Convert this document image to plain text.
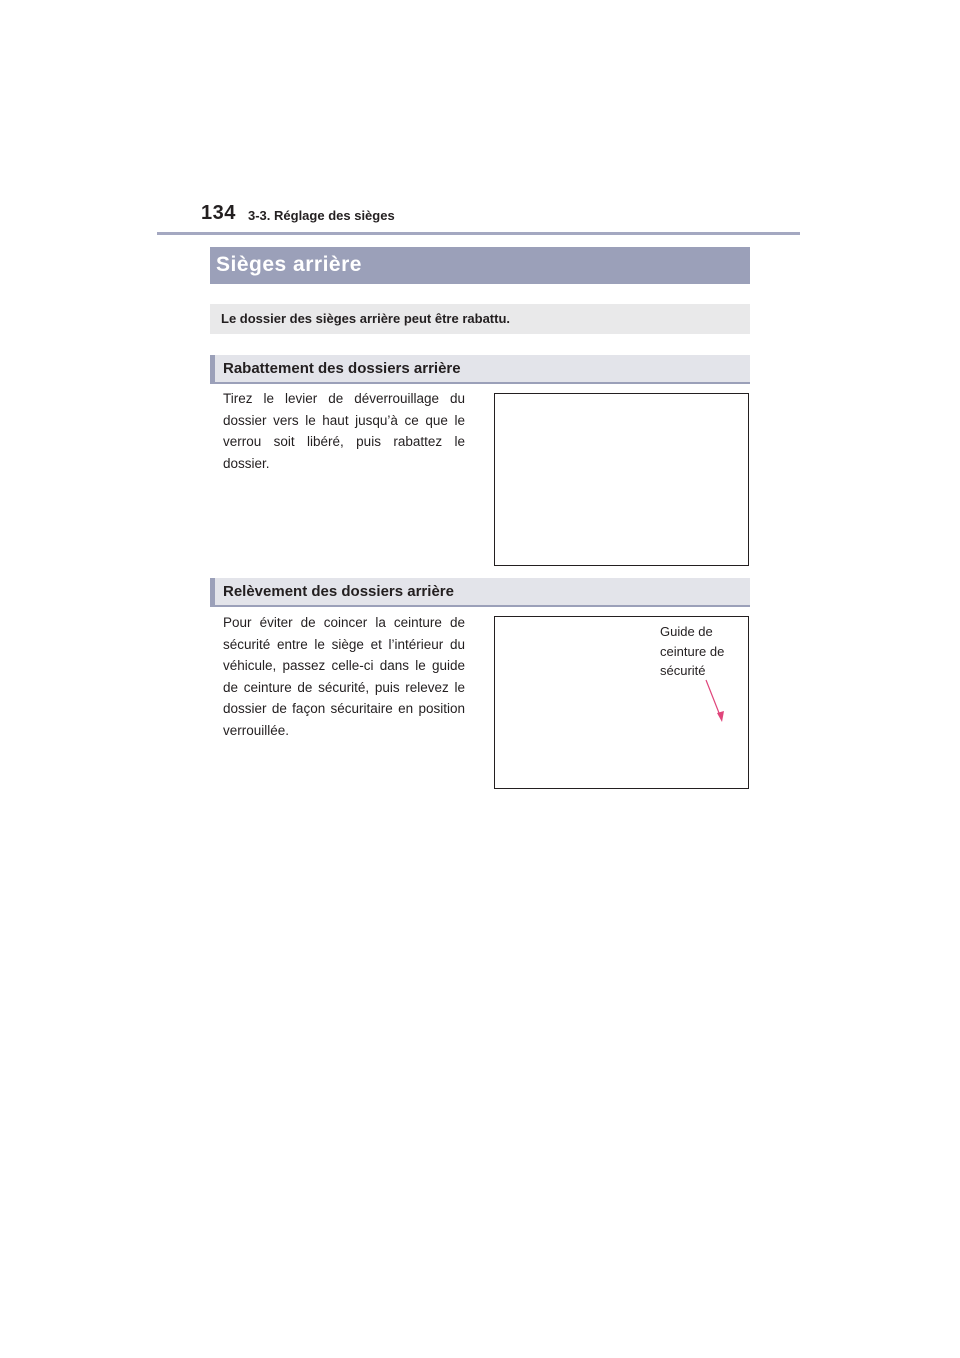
134 3-3. Réglage des sièges
Sièges arrière
Le dossier des sièges arrière peut être rabattu.
Rabattement des dossiers arrière
Tirez le levier de déverrouillage du dossier vers le haut jusqu’à ce que le verrou soit libéré, puis rabattez le dossier.
Relèvement des dossiers arrière
Pour éviter de coincer la ceinture de sécurité entre le siège et l’intérieur du véhicule, passez celle-ci dans le guide de ceinture de sécurité, puis relevez le dossier de façon sécuritaire en position verrouillée.
Guide de
ceinture de
sécurité
